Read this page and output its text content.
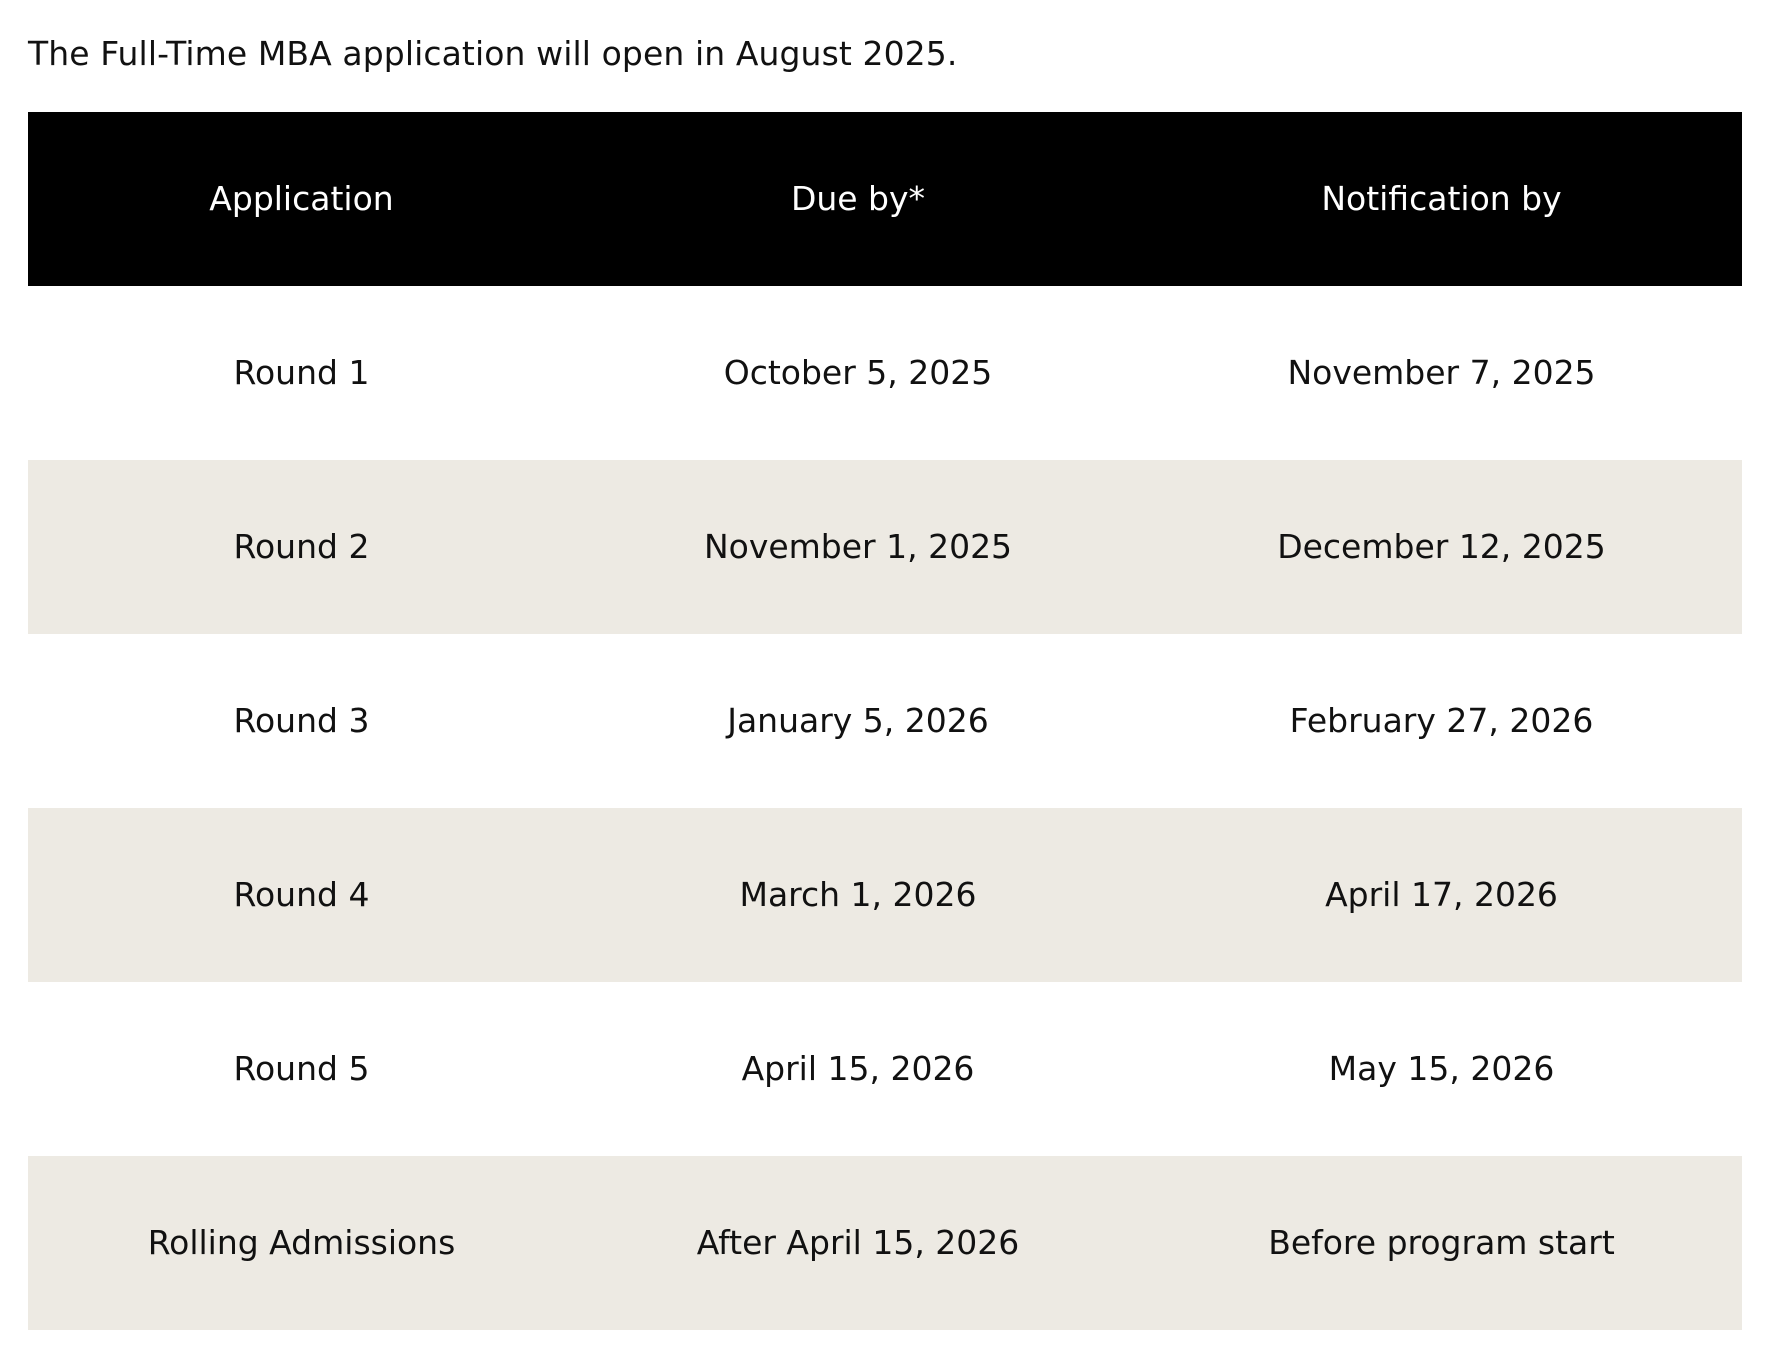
The Full-Time MBA application will open in August 2025.

Application	Due by*	Notification by
Round 1	October 5, 2025	November 7, 2025
Round 2	November 1, 2025	December 12, 2025
Round 3	January 5, 2026	February 27, 2026
Round 4	March 1, 2026	April 17, 2026
Round 5	April 15, 2026	May 15, 2026
Rolling Admissions	After April 15, 2026	Before program start
